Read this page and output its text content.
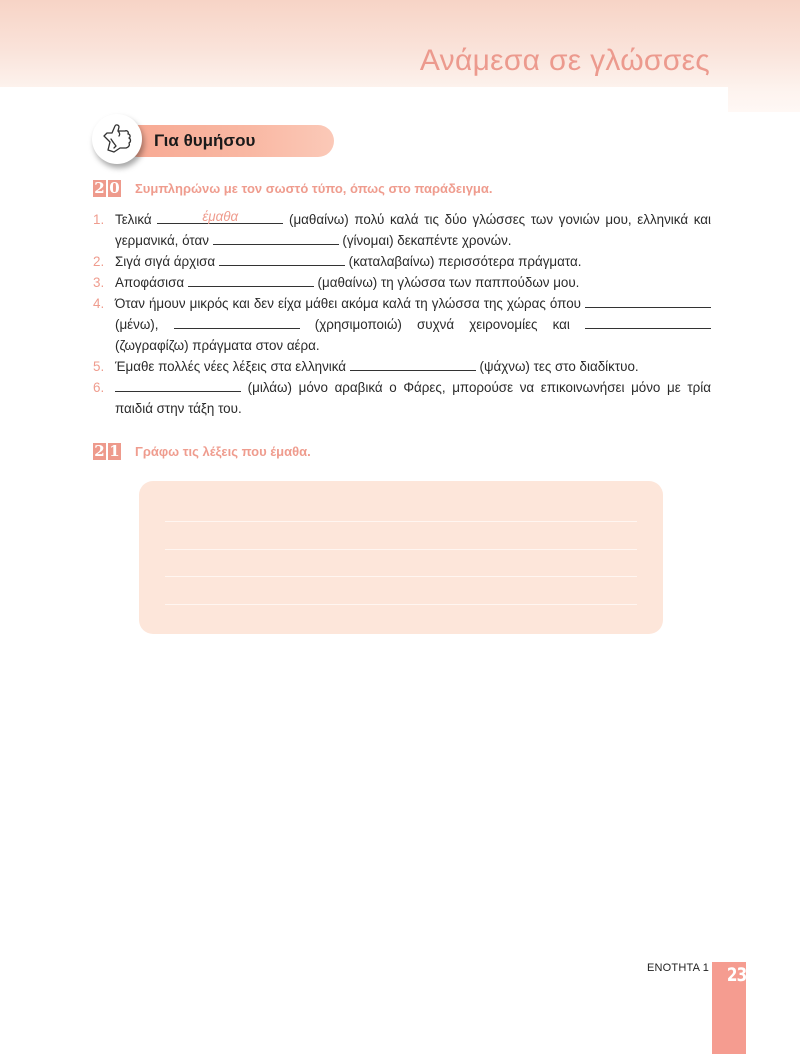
Ανάμεσα σε γλώσσες
Για θυμήσου
2 0 Συμπληρώνω με τον σωστό τύπο, όπως στο παράδειγμα.
1. Τελικά	έμαθα	(μαθαίνω) πολύ καλά τις δύο γλώσσες των γονιών μου, ελληνικά και γερμανικά, όταν	(γίνομαι) δεκαπέντε χρονών.

2. Σιγά σιγά άρχισα	(καταλαβαίνω) περισσότερα πράγματα.

3. Αποφάσισα	(μαθαίνω) τη γλώσσα των παππούδων μου.

4. Όταν ήμουν μικρός και δεν είχα μάθει ακόμα καλά τη γλώσσα της χώρας όπου  (μένω),	(χρησιμοποιώ) συχνά χειρονομίες και  (ζωγραφίζω) πράγματα στον αέρα.

5. Έμαθε πολλές νέες λέξεις στα ελληνικά	(ψάχνω) τες στο διαδίκτυο.

6.	(μιλάω) μόνο αραβικά ο Φάρες, μπορούσε να επικοινωνήσει μόνο με τρία παιδιά στην τάξη του.

2 1 Γράφω τις λέξεις που έμαθα.
ΕΝΟΤΗΤΑ 1 23
